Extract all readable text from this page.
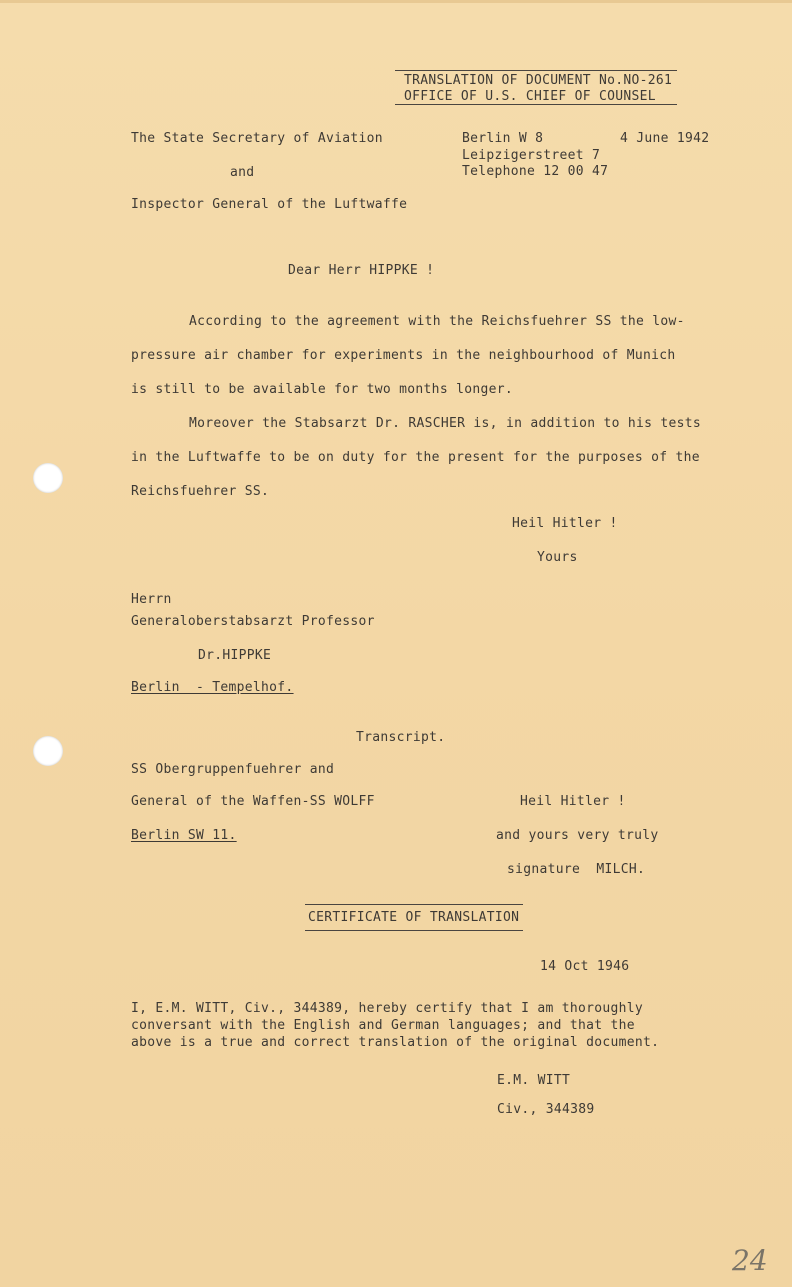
TRANSLATION OF DOCUMENT No.NO-261
OFFICE OF U.S. CHIEF OF COUNSEL
The State Secretary of Aviation
and
Inspector General of the Luftwaffe
Berlin W 8	4 June 1942
Leipzigerstreet 7
Telephone 12 00 47
Dear Herr HIPPKE !
According to the agreement with the Reichsfuehrer SS the low-
pressure air chamber for experiments in the neighbourhood of Munich
is still to be available for two months longer.
Moreover the Stabsarzt Dr. RASCHER is, in addition to his tests
in the Luftwaffe to be on duty for the present for the purposes of the
Reichsfuehrer SS.
Heil Hitler !
Yours
Herrn
Generaloberstabsarzt Professor
Dr.HIPPKE
Berlin  - Tempelhof.
Transcript.
SS Obergruppenfuehrer and
General of the Waffen-SS WOLFF
Berlin SW 11.
Heil Hitler !
and yours very truly
signature  MILCH.
CERTIFICATE OF TRANSLATION
14 Oct 1946
I, E.M. WITT, Civ., 344389, hereby certify that I am thoroughly
conversant with the English and German languages; and that the
above is a true and correct translation of the original document.
E.M. WITT
Civ., 344389
24
